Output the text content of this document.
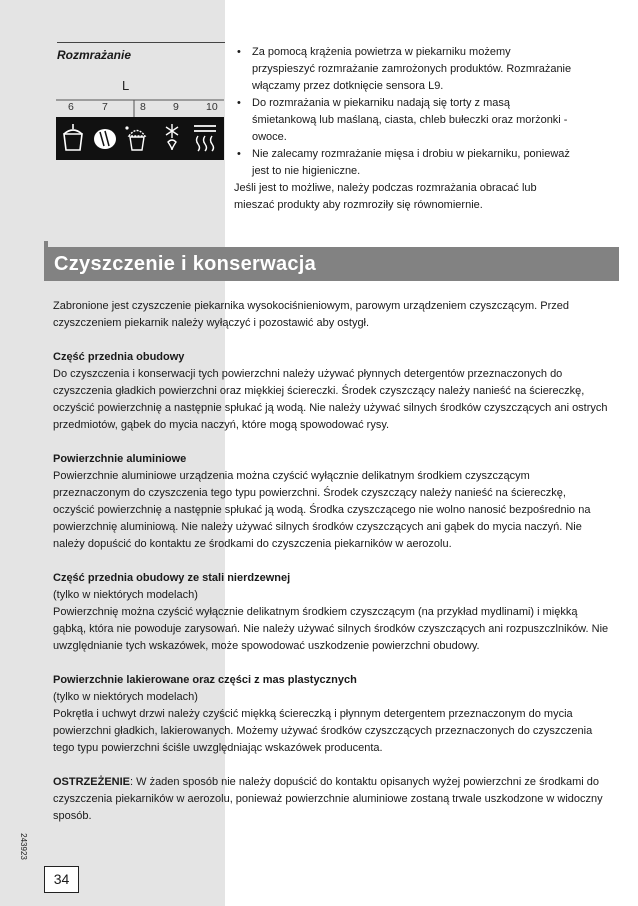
Rozmrażanie
L
6	7	8	9	10
• Za pomocą krążenia powietrza w piekarniku możemy przyspieszyć rozmrażanie zamrożonych produktów. Rozmrażanie włączamy przez dotknięcie sensora L9.
• Do rozmrażania w piekarniku nadają się torty z masą śmietankową lub maślaną, ciasta, chleb bułeczki oraz morżonki - owoce.
• Nie zalecamy rozmrażanie mięsa i drobiu w piekarniku, ponieważ jest to nie higieniczne.
Jeśli jest to możliwe, należy podczas rozmrażania obracać lub mieszać produkty aby rozmroziły się równomiernie.
Czyszczenie i konserwacja

Zabronione jest czyszczenie piekarnika wysokociśnieniowym, parowym urządzeniem czyszczącym. Przed czyszczeniem piekarnik należy wyłączyć i pozostawić aby ostygł.

Część przednia obudowy

Do czyszczenia i konserwacji tych powierzchni należy używać płynnych detergentów przeznaczonych do czyszczenia gładkich powierzchni oraz miękkiej ściereczki. Środek czyszczący należy nanieść na ściereczkę, oczyścić powierzchnię a następnie spłukać ją wodą. Nie należy używać silnych środków czyszczących ani ostrych przedmiotów, gąbek do mycia naczyń, które mogą spowodować rysy.

Powierzchnie aluminiowe

Powierzchnie aluminiowe urządzenia można czyścić wyłącznie delikatnym środkiem czyszczącym przeznaczonym do czyszczenia tego typu powierzchni. Środek czyszczący należy nanieść na ściereczkę, oczyścić powierzchnię a następnie spłukać ją wodą. Środka czyszczącego nie wolno nanosić bezpośrednio na powierzchnię aluminiową. Nie należy używać silnych środków czyszczących ani gąbek do mycia naczyń. Nie należy dopuścić do kontaktu ze środkami do czyszczenia piekarników w aerozolu.

Część przednia obudowy ze stali nierdzewnej
(tylko w niektórych modelach)

Powierzchnię można czyścić wyłącznie delikatnym środkiem czyszczącym (na przykład mydlinami) i miękką gąbką, która nie powoduje zarysowań. Nie należy używać silnych środków czyszczących ani rozpuszczlników. Nie uwzględnianie tych wskazówek, może spowodować uszkodzenie powierzchni obudowy.

Powierzchnie lakierowane oraz części z mas plastycznych
(tylko w niektórych modelach)

Pokrętła i uchwyt drzwi należy czyścić miękką ściereczką i płynnym detergentem przeznaczonym do mycia powierzchni gładkich, lakierowanych. Możemy używać środków czyszczących przeznaczonych do czyszczenia tego typu powierzchni ściśle uwzględniając wskazówek producenta.

OSTRZEŻENIE: W żaden sposób nie należy dopuścić do kontaktu opisanych wyżej powierzchni ze środkami do czyszczenia piekarników w aerozolu, ponieważ powierzchnie aluminiowe zostaną trwale uszkodzone w widoczny sposób.

243923
34
